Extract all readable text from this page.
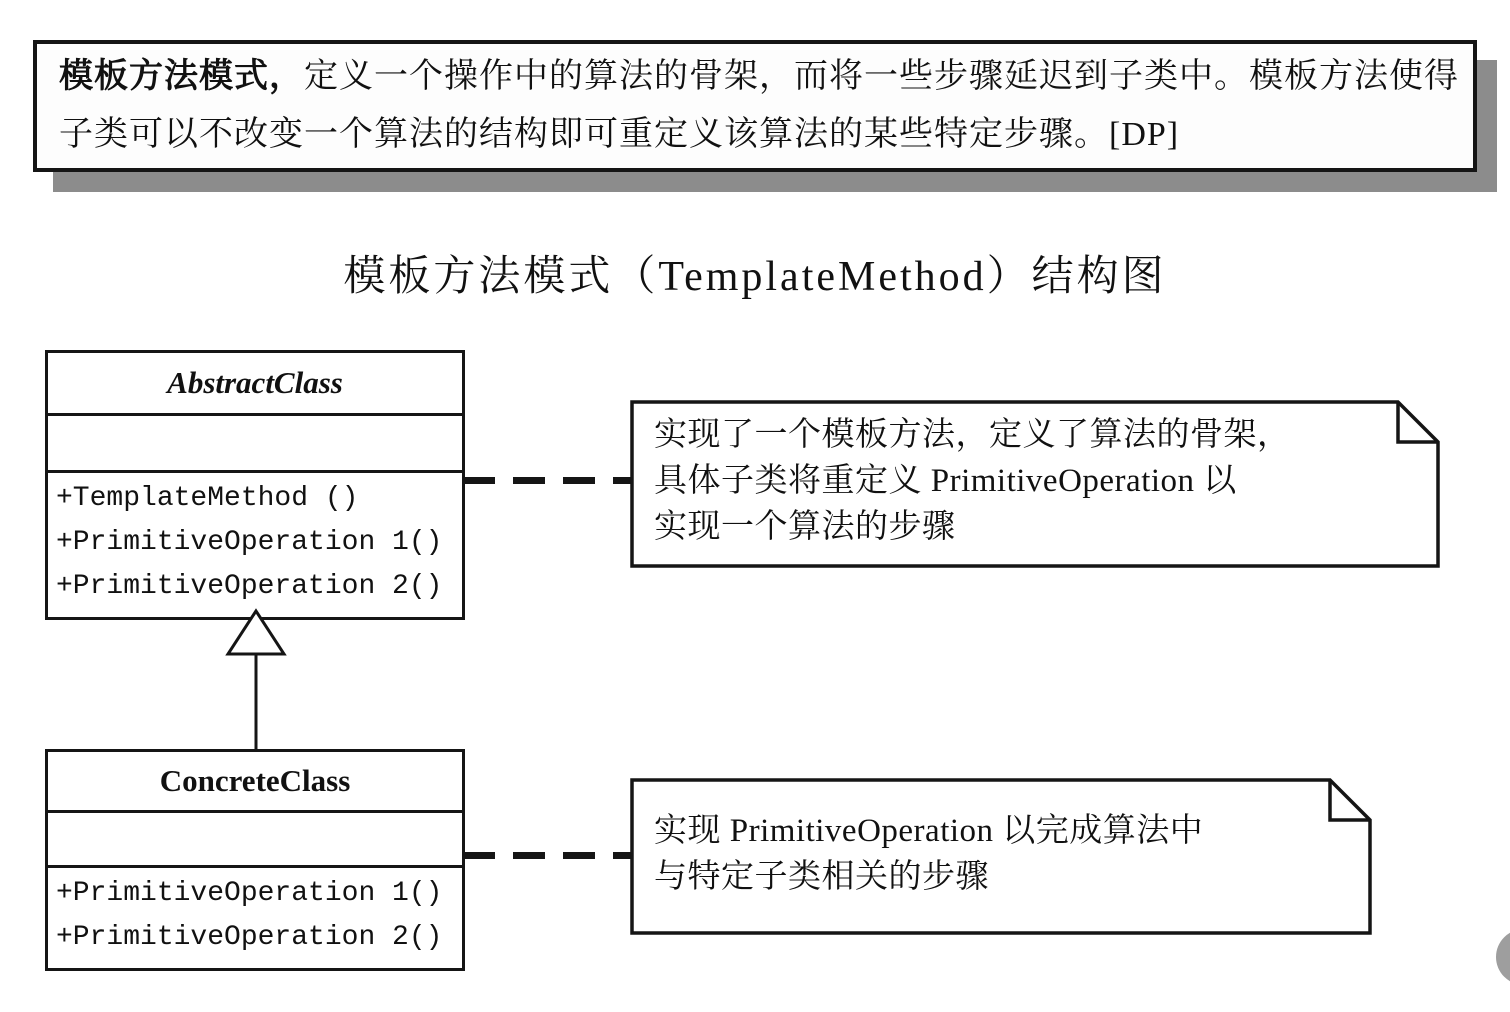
模板方法模式，定义一个操作中的算法的骨架，而将一些步骤延迟到子类中。模板方法使得
子类可以不改变一个算法的结构即可重定义该算法的某些特定步骤。[DP]
模板方法模式（TemplateMethod）结构图
AbstractClass
+TemplateMethod ()
+PrimitiveOperation 1()
+PrimitiveOperation 2()
ConcreteClass
+PrimitiveOperation 1()
+PrimitiveOperation 2()
实现了一个模板方法，定义了算法的骨架，
具体子类将重定义 PrimitiveOperation 以
实现一个算法的步骤
实现 PrimitiveOperation 以完成算法中
与特定子类相关的步骤
